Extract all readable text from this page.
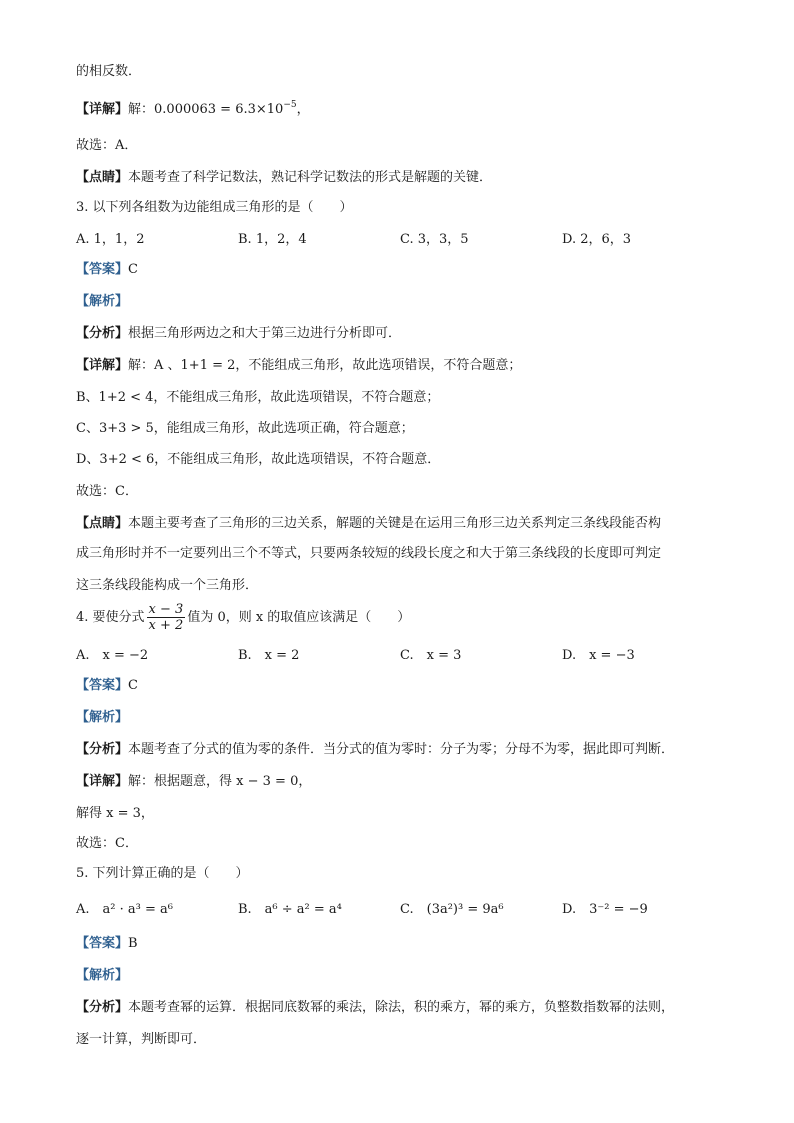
的相反数．
【详解】解：$0.000063 = 6.3\times 10^{-5}$，
故选：A．
【点睛】本题考查了科学记数法，熟记科学记数法的形式是解题的关键．
3. 以下列各组数为边能组成三角形的是（　　）
A. 1，1，2	B. 1，2，4	C. 3，3，5	D. 2，6，3
【答案】C
【解析】
【分析】根据三角形两边之和大于第三边进行分析即可．
【详解】解：A 、1+1 = 2，不能组成三角形，故此选项错误，不符合题意；
B、1+2 < 4，不能组成三角形，故此选项错误，不符合题意；
C、3+3 > 5，能组成三角形，故此选项正确，符合题意；
D、3+2 < 6，不能组成三角形，故此选项错误，不符合题意．
故选：C．
【点睛】本题主要考查了三角形的三边关系，解题的关键是在运用三角形三边关系判定三条线段能否构
成三角形时并不一定要列出三个不等式，只要两条较短的线段长度之和大于第三条线段的长度即可判定
这三条线段能构成一个三角形．
4. 要使分式 $\frac{x - 3}{x + 2}$ 值为 0，则 x 的取值应该满足（　　）
A.　x = −2	B.　x = 2	C.　x = 3	D.　x = −3
【答案】C
【解析】
【分析】本题考查了分式的值为零的条件．当分式的值为零时：分子为零；分母不为零，据此即可判断．
【详解】解：根据题意，得 x − 3 = 0，
解得 x = 3，
故选：C．
5. 下列计算正确的是（　　）
A.　a² · a³ = a⁶	B.　a⁶ ÷ a² = a⁴	C.　(3a²)³ = 9a⁶	D.　3⁻² = −9
【答案】B
【解析】
【分析】本题考查幂的运算．根据同底数幂的乘法，除法，积的乘方，幂的乘方，负整数指数幂的法则，
逐一计算，判断即可．
